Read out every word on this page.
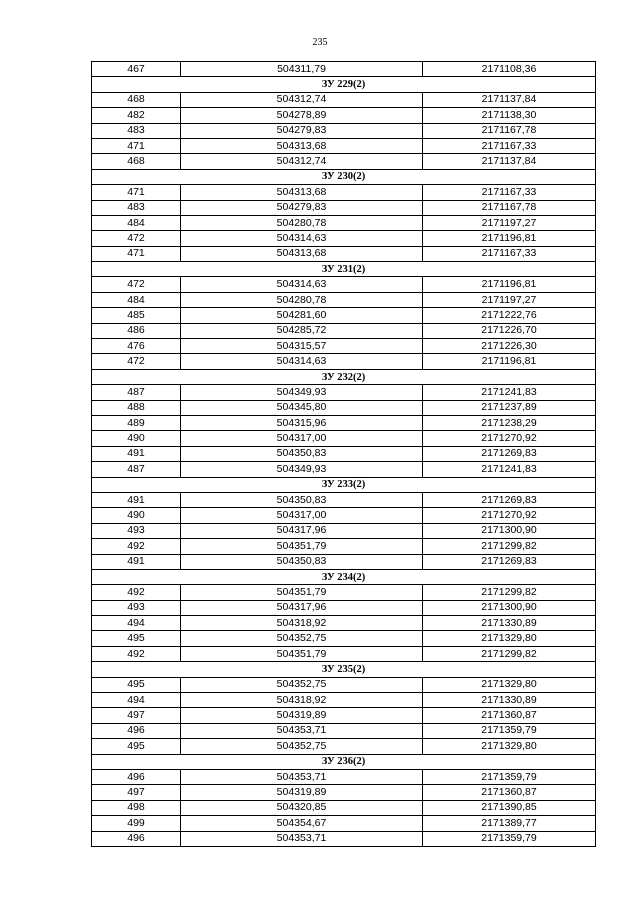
235
467	504311,79	2171108,36
ЗУ 229(2)		
468	504312,74	2171137,84
482	504278,89	2171138,30
483	504279,83	2171167,78
471	504313,68	2171167,33
468	504312,74	2171137,84
ЗУ 230(2)		
471	504313,68	2171167,33
483	504279,83	2171167,78
484	504280,78	2171197,27
472	504314,63	2171196,81
471	504313,68	2171167,33
ЗУ 231(2)		
472	504314,63	2171196,81
484	504280,78	2171197,27
485	504281,60	2171222,76
486	504285,72	2171226,70
476	504315,57	2171226,30
472	504314,63	2171196,81
ЗУ 232(2)		
487	504349,93	2171241,83
488	504345,80	2171237,89
489	504315,96	2171238,29
490	504317,00	2171270,92
491	504350,83	2171269,83
487	504349,93	2171241,83
ЗУ 233(2)		
491	504350,83	2171269,83
490	504317,00	2171270,92
493	504317,96	2171300,90
492	504351,79	2171299,82
491	504350,83	2171269,83
ЗУ 234(2)		
492	504351,79	2171299,82
493	504317,96	2171300,90
494	504318,92	2171330,89
495	504352,75	2171329,80
492	504351,79	2171299,82
ЗУ 235(2)		
495	504352,75	2171329,80
494	504318,92	2171330,89
497	504319,89	2171360,87
496	504353,71	2171359,79
495	504352,75	2171329,80
ЗУ 236(2)		
496	504353,71	2171359,79
497	504319,89	2171360,87
498	504320,85	2171390,85
499	504354,67	2171389,77
496	504353,71	2171359,79
